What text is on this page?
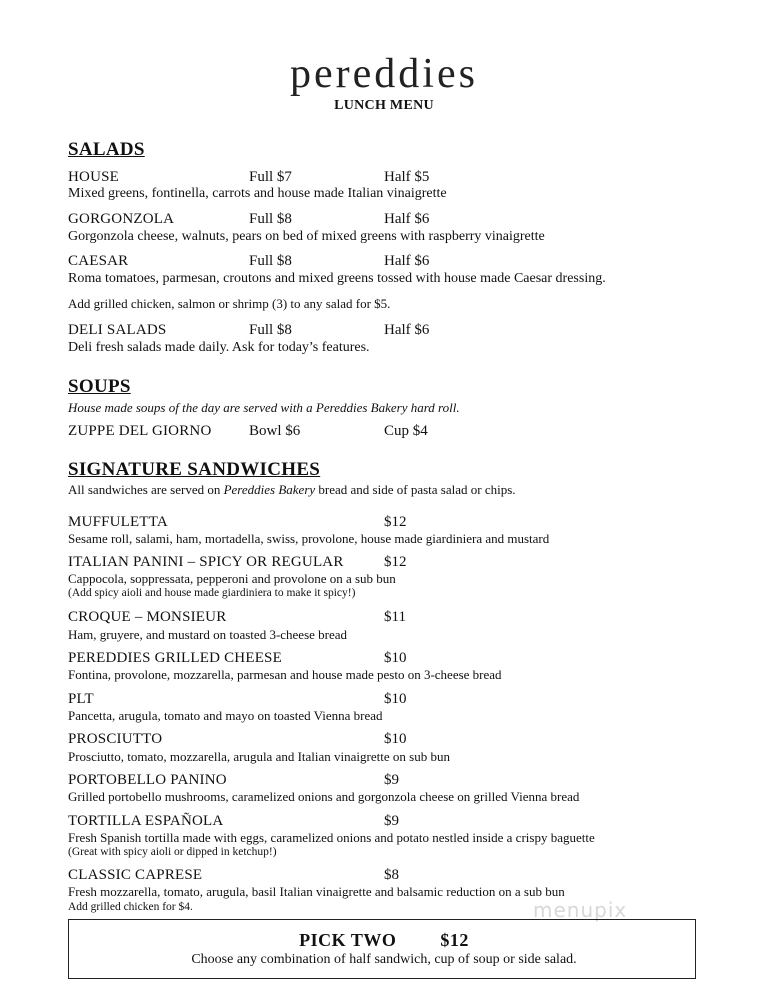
pereddies
LUNCH MENU
SALADS
HOUSE	Full $7	Half $5
Mixed greens, fontinella, carrots and house made Italian vinaigrette
GORGONZOLA	Full $8	Half $6
Gorgonzola cheese, walnuts, pears on bed of mixed greens with raspberry vinaigrette
CAESAR	Full $8	Half $6
Roma tomatoes, parmesan, croutons and mixed greens tossed with house made Caesar dressing.
Add grilled chicken, salmon or shrimp (3) to any salad for $5.
DELI SALADS	Full $8	Half $6
Deli fresh salads made daily. Ask for today’s features.
SOUPS
House made soups of the day are served with a Pereddies Bakery hard roll.
ZUPPE DEL GIORNO	Bowl $6	Cup $4
SIGNATURE SANDWICHES
All sandwiches are served on Pereddies Bakery bread and side of pasta salad or chips.
MUFFULETTA	$12
Sesame roll, salami, ham, mortadella, swiss, provolone, house made giardiniera and mustard
ITALIAN PANINI – SPICY OR REGULAR	$12
Cappocola, soppressata, pepperoni and provolone on a sub bun
(Add spicy aioli and house made giardiniera to make it spicy!)
CROQUE – MONSIEUR	$11
Ham, gruyere, and mustard on toasted 3-cheese bread
PEREDDIES GRILLED CHEESE	$10
Fontina, provolone, mozzarella, parmesan and house made pesto on 3-cheese bread
PLT	$10
Pancetta, arugula, tomato and mayo on toasted Vienna bread
PROSCIUTTO	$10
Prosciutto, tomato, mozzarella, arugula and Italian vinaigrette on sub bun
PORTOBELLO PANINO	$9
Grilled portobello mushrooms, caramelized onions and gorgonzola cheese on grilled Vienna bread
TORTILLA ESPAÑOLA	$9
Fresh Spanish tortilla made with eggs, caramelized onions and potato nestled inside a crispy baguette
(Great with spicy aioli or dipped in ketchup!)
CLASSIC CAPRESE	$8
Fresh mozzarella, tomato, arugula, basil Italian vinaigrette and balsamic reduction on a sub bun
Add grilled chicken for $4.	menupix
PICK TWO $12
Choose any combination of half sandwich, cup of soup or side salad.
